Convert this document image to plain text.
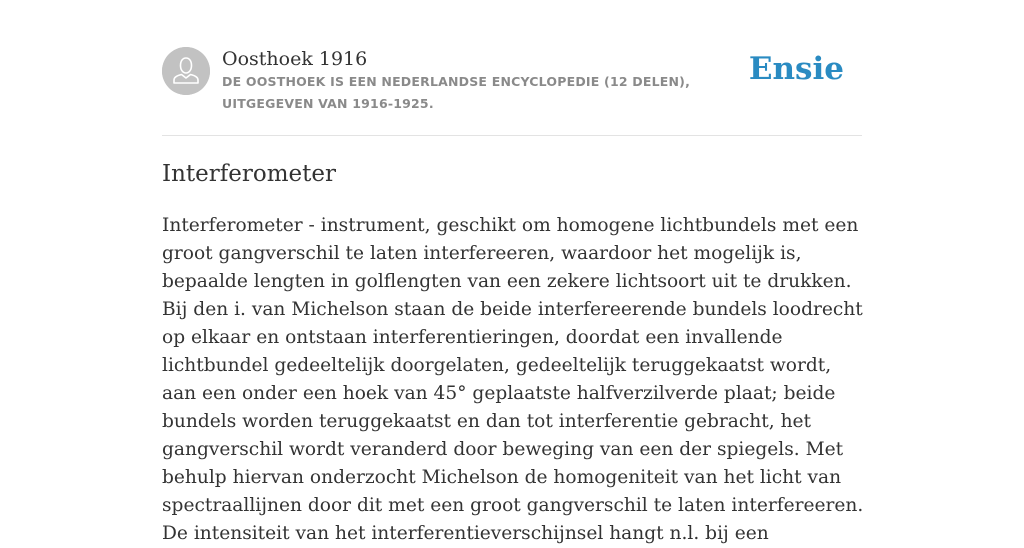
Oosthoek 1916
DE OOSTHOEK IS EEN NEDERLANDSE ENCYCLOPEDIE (12 DELEN), UITGEGEVEN VAN 1916-1925.
Ensie
Interferometer

Interferometer - instrument, geschikt om homogene lichtbundels met een groot gangverschil te laten interfereeren, waardoor het mogelijk is, bepaalde lengten in golflengten van een zekere lichtsoort uit te drukken. Bij den i. van Michelson staan de beide interfereerende bundels loodrecht op elkaar en ontstaan interferentieringen, doordat een invallende lichtbundel gedeeltelijk doorgelaten, gedeeltelijk teruggekaatst wordt, aan een onder een hoek van 45° geplaatste halfverzilverde plaat; beide bundels worden teruggekaatst en dan tot interferentie gebracht, het gangverschil wordt veranderd door beweging van een der spiegels. Met behulp hiervan onderzocht Michelson de homogeniteit van het licht van spectraallijnen door dit met een groot gangverschil te laten interfereeren. De intensiteit van het interferentieverschijnsel hangt n.l. bij een
